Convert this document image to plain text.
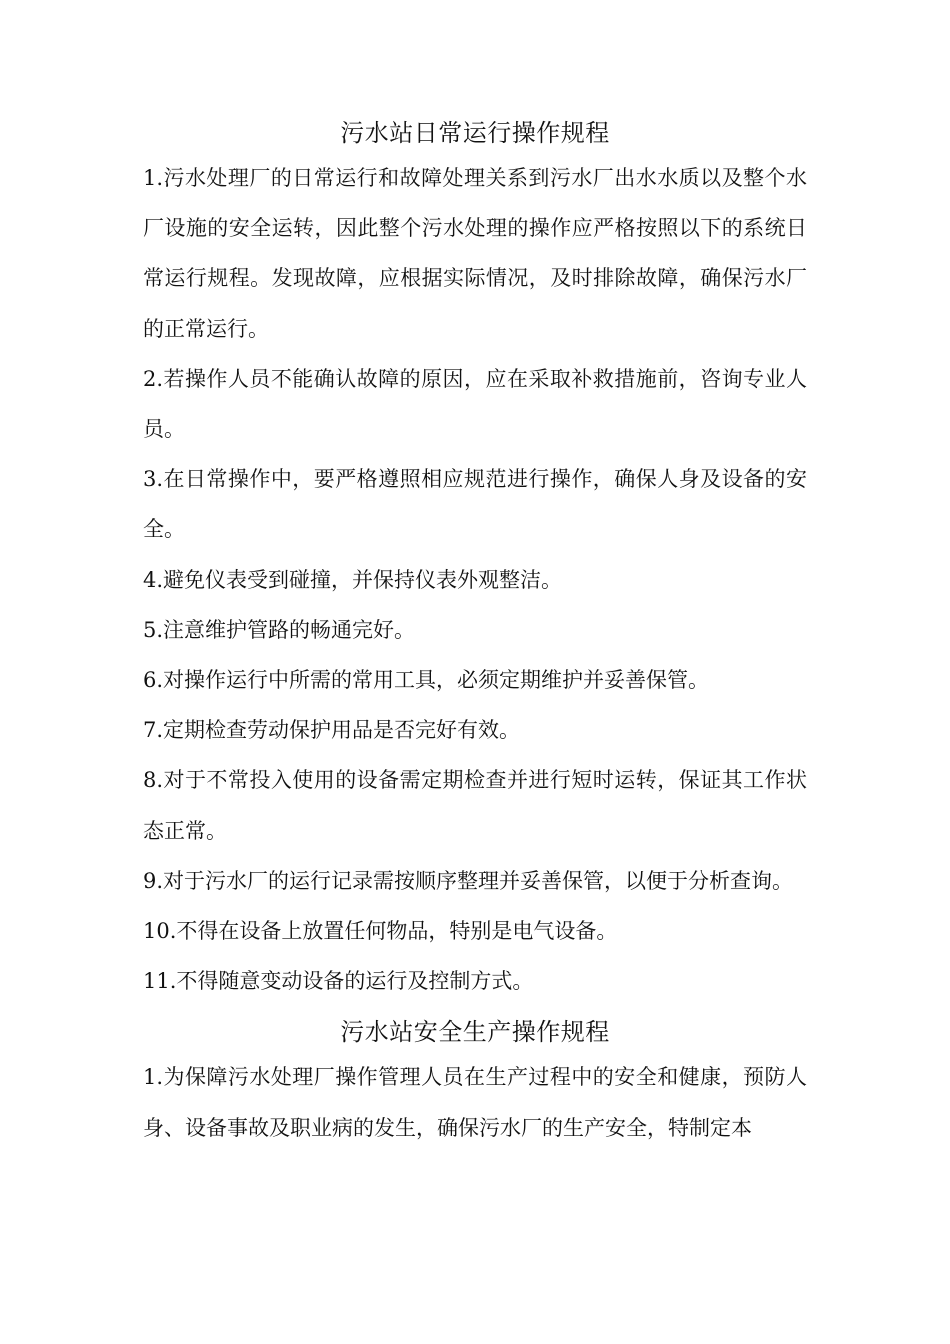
污水站日常运行操作规程

1.污水处理厂的日常运行和故障处理关系到污水厂出水水质以及整个水厂设施的安全运转，因此整个污水处理的操作应严格按照以下的系统日常运行规程。发现故障，应根据实际情况，及时排除故障，确保污水厂的正常运行。

2.若操作人员不能确认故障的原因，应在采取补救措施前，咨询专业人员。

3.在日常操作中，要严格遵照相应规范进行操作，确保人身及设备的安全。

4.避免仪表受到碰撞，并保持仪表外观整洁。

5.注意维护管路的畅通完好。

6.对操作运行中所需的常用工具，必须定期维护并妥善保管。

7.定期检查劳动保护用品是否完好有效。

8.对于不常投入使用的设备需定期检查并进行短时运转，保证其工作状态正常。

9.对于污水厂的运行记录需按顺序整理并妥善保管，以便于分析查询。

10.不得在设备上放置任何物品，特别是电气设备。

11.不得随意变动设备的运行及控制方式。

污水站安全生产操作规程

1.为保障污水处理厂操作管理人员在生产过程中的安全和健康，预防人身、设备事故及职业病的发生，确保污水厂的生产安全，特制定本
